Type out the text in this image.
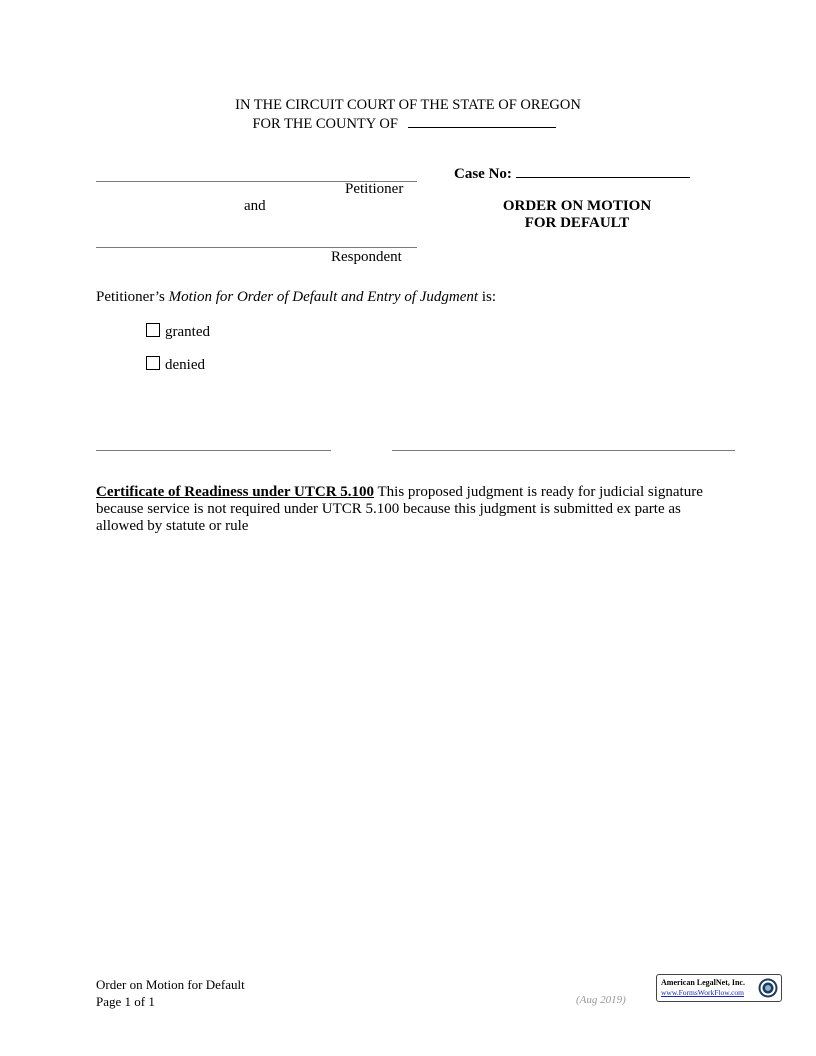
IN THE CIRCUIT COURT OF THE STATE OF OREGON
FOR THE COUNTY OF
Petitioner
and
Respondent
Case No:
ORDER ON MOTION
FOR DEFAULT
Petitioner’s Motion for Order of Default and Entry of Judgment is:
granted
denied
Certificate of Readiness under UTCR 5.100 This proposed judgment is ready for judicial signature because service is not required under UTCR 5.100 because this judgment is submitted ex parte as allowed by statute or rule
Order on Motion for Default
Page 1 of 1	(Aug 2019)
American LegalNet, Inc.
www.FormsWorkFlow.com
